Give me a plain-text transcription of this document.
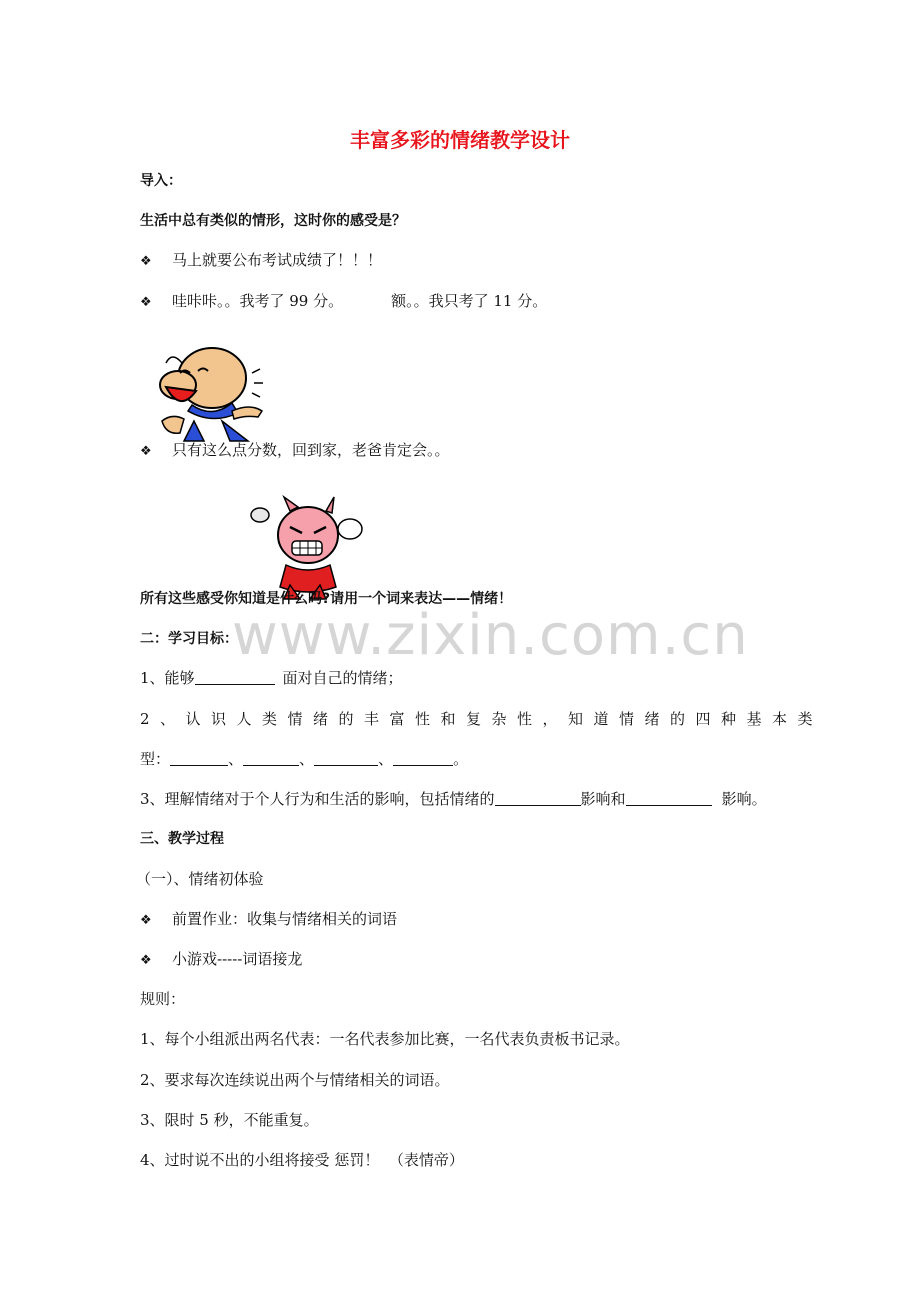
丰富多彩的情绪教学设计
导入：
生活中总有类似的情形，这时你的感受是？
❖ 马上就要公布考试成绩了！！！
❖ 哇咔咔。。我考了 99 分。	额。。我只考了 11 分。
❖ 只有这么点分数，回到家，老爸肯定会。。
所有这些感受你知道是什么吗?请用一个词来表达——情绪！
www.zixin.com.cn
二：学习目标：
1、能够	面对自己的情绪；
2、认识人类情绪的丰富性和复杂性，知道情绪的四种基本类
型：	、	、	、	。
3、理解情绪对于个人行为和生活的影响，包括情绪的	影响和	影响。
三、教学过程
（一）、情绪初体验
❖ 前置作业：收集与情绪相关的词语
❖ 小游戏-----词语接龙
规则：
1、每个小组派出两名代表：一名代表参加比赛，一名代表负责板书记录。
2、要求每次连续说出两个与情绪相关的词语。
3、限时 5 秒，不能重复。
4、过时说不出的小组将接受 惩罚！  （表情帝）
